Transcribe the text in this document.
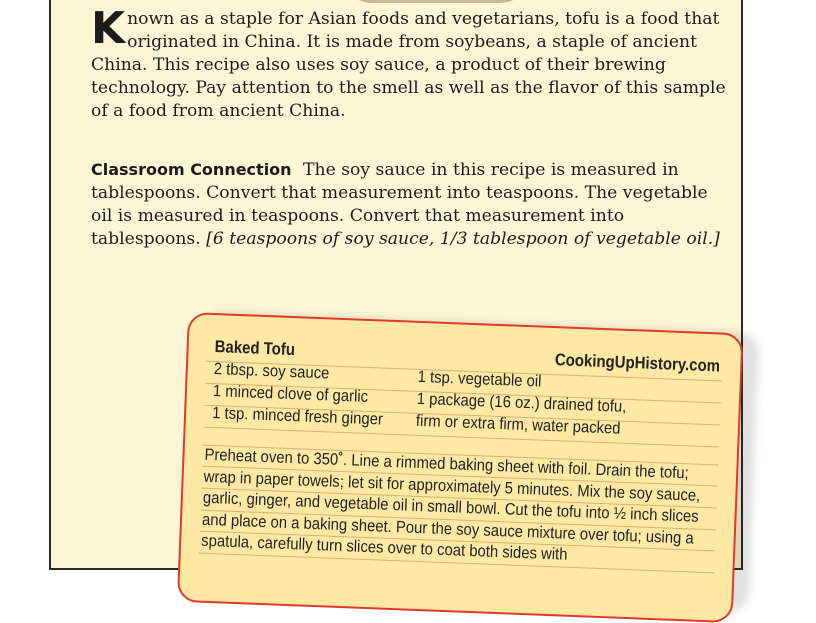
K nown as a staple for Asian foods and vegetarians, tofu is a food that originated in China. It is made from soybeans, a staple of ancient China. This recipe also uses soy sauce, a product of their brewing technology. Pay attention to the smell as well as the flavor of this sample of a food from ancient China.

Classroom Connection The soy sauce in this recipe is measured in tablespoons. Convert that measurement into teaspoons. The vegetable oil is measured in teaspoons. Convert that measurement into tablespoons. [6 teaspoons of soy sauce, 1/3 tablespoon of vegetable oil.]

Baked Tofu
CookingUpHistory.com
2 tbsp. soy sauce
1 minced clove of garlic
1 tsp. minced fresh ginger
1 tsp. vegetable oil
1 package (16 oz.) drained tofu,
firm or extra firm, water packed
Preheat oven to 350˚. Line a rimmed baking sheet with foil. Drain the tofu; wrap in paper towels; let sit for approximately 5 minutes. Mix the soy sauce, garlic, ginger, and vegetable oil in small bowl. Cut the tofu into ½ inch slices and place on a baking sheet. Pour the soy sauce mixture over tofu; using a spatula, carefully turn slices over to coat both sides with
